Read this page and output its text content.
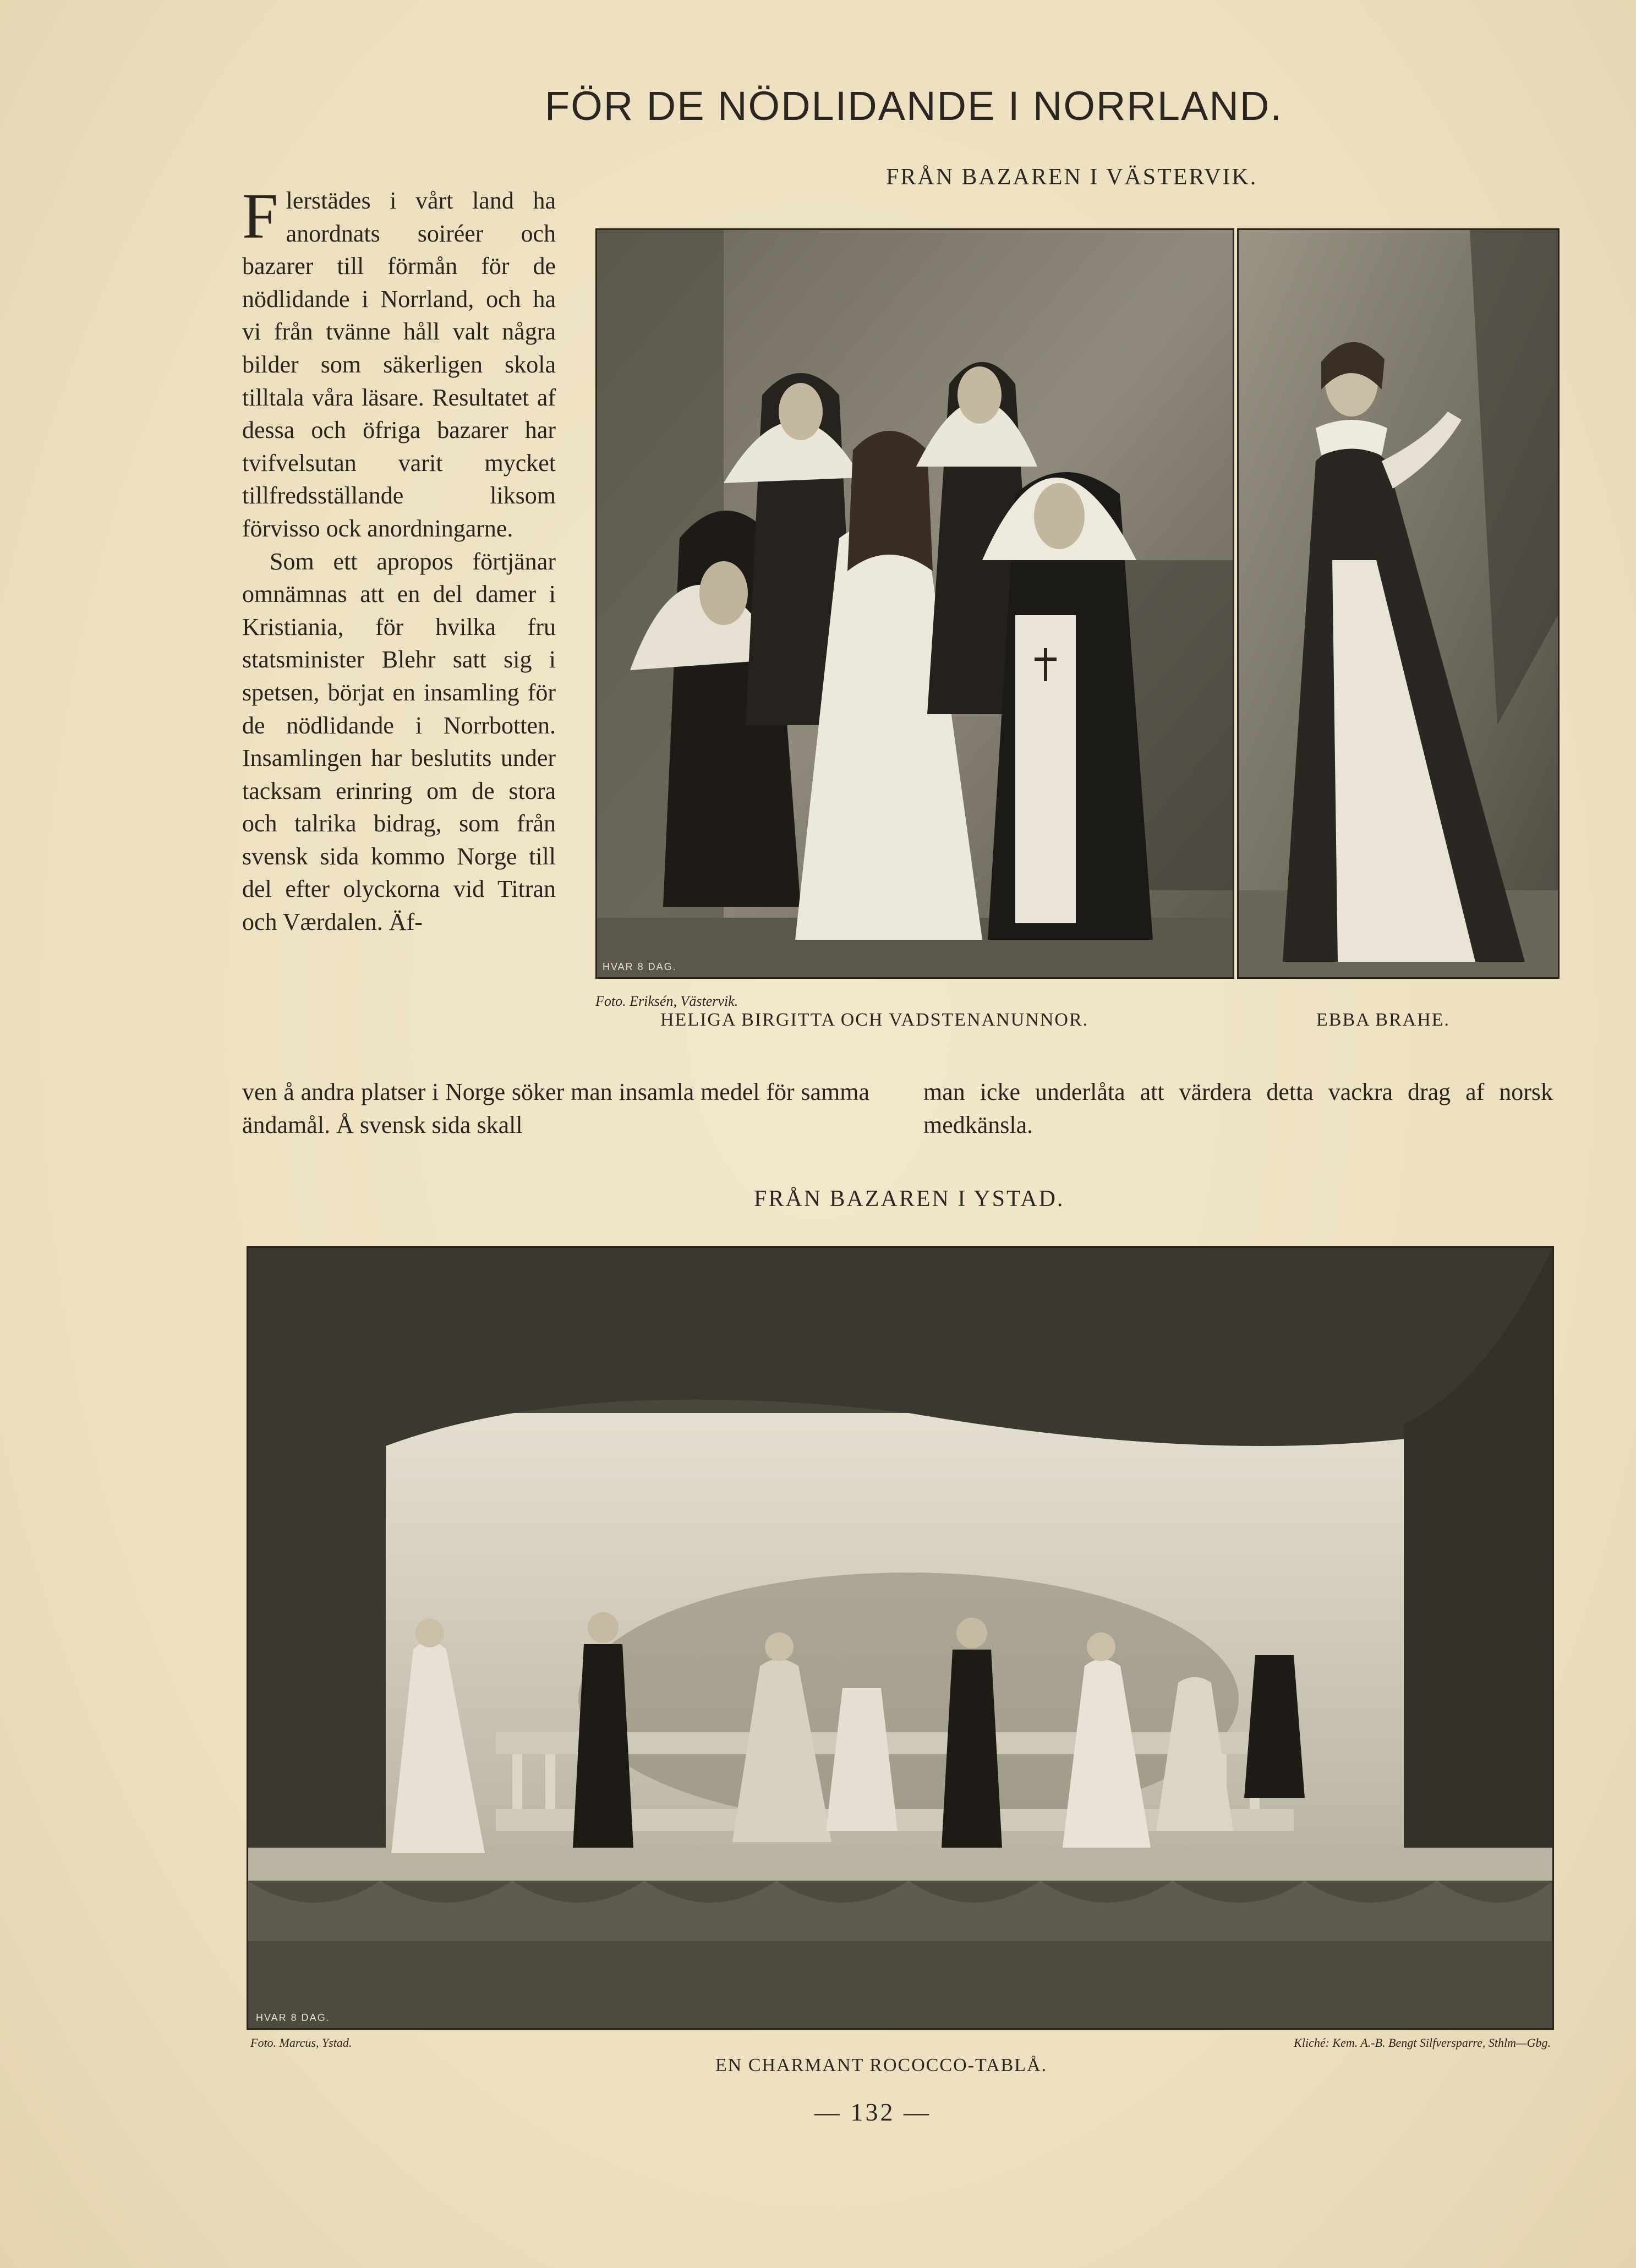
FÖR DE NÖDLIDANDE I NORRLAND.
FRÅN BAZAREN I VÄSTERVIK.

Flerstädes i vårt land ha anordnats soiréer och bazarer till förmån för de nödlidande i Norrland, och ha vi från tvänne håll valt några bilder som säkerligen skola tilltala våra läsare. Resultatet af dessa och öfriga bazarer har tvifvelsutan varit mycket tillfredsställande liksom förvisso ock anordningarne.

Som ett apropos förtjänar omnämnas att en del damer i Kristiania, för hvilka fru statsminister Blehr satt sig i spetsen, börjat en insamling för de nödlidande i Norrbotten. Insamlingen har beslutits under tacksam erinring om de stora och talrika bidrag, som från svensk sida kommo Norge till del efter olyckorna vid Titran och Værdalen. Äf-

ven å andra platser i Norge söker man insamla medel för samma ändamål. Å svensk sida skall
man icke underlåta att värdera detta vackra drag af norsk medkänsla.
HVAR 8 DAG.
Foto. Eriksén, Västervik.
HELIGA BIRGITTA OCH VADSTENANUNNOR.	EBBA BRAHE.
FRÅN BAZAREN I YSTAD.
HVAR 8 DAG.
Foto. Marcus, Ystad.	Kliché: Kem. A.-B. Bengt Silfversparre, Sthlm—Gbg.
EN CHARMANT ROCOCCO-TABLÅ.
— 132 —
